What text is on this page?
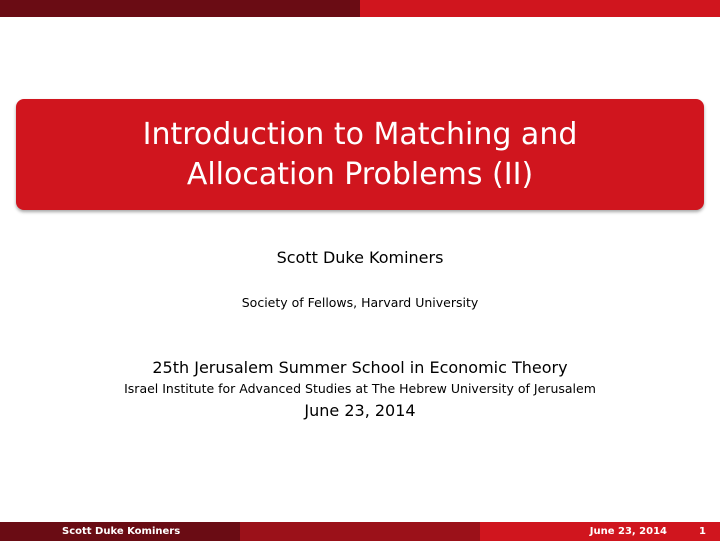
Introduction to Matching and
Allocation Problems (II)
Scott Duke Kominers
Society of Fellows, Harvard University
25th Jerusalem Summer School in Economic Theory
Israel Institute for Advanced Studies at The Hebrew University of Jerusalem
June 23, 2014
Scott Duke Kominers	June 23, 2014	1
